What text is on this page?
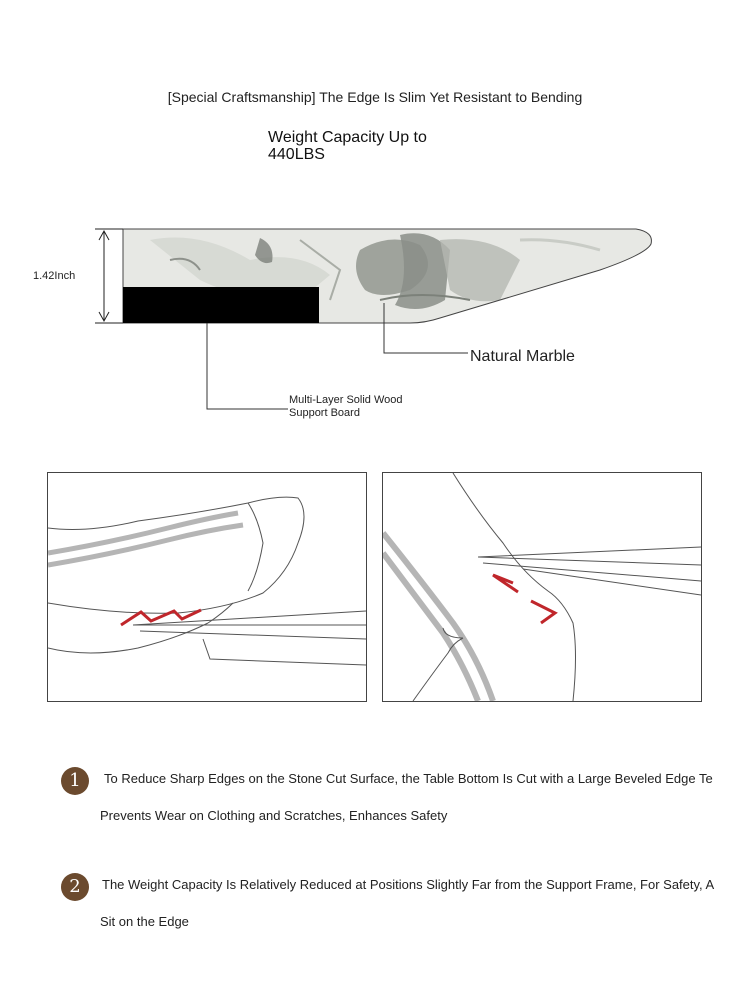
[Special Craftsmanship] The Edge Is Slim Yet Resistant to Bending
Weight Capacity Up to
440LBS
1.42Inch
Natural Marble
Multi-Layer Solid Wood
Support Board
1	To Reduce Sharp Edges on the Stone Cut Surface, the Table Bottom Is Cut with a Large Beveled Edge Te
Prevents Wear on Clothing and Scratches, Enhances Safety
2	The Weight Capacity Is Relatively Reduced at Positions Slightly Far from the Support Frame, For Safety, A
Sit on the Edge
